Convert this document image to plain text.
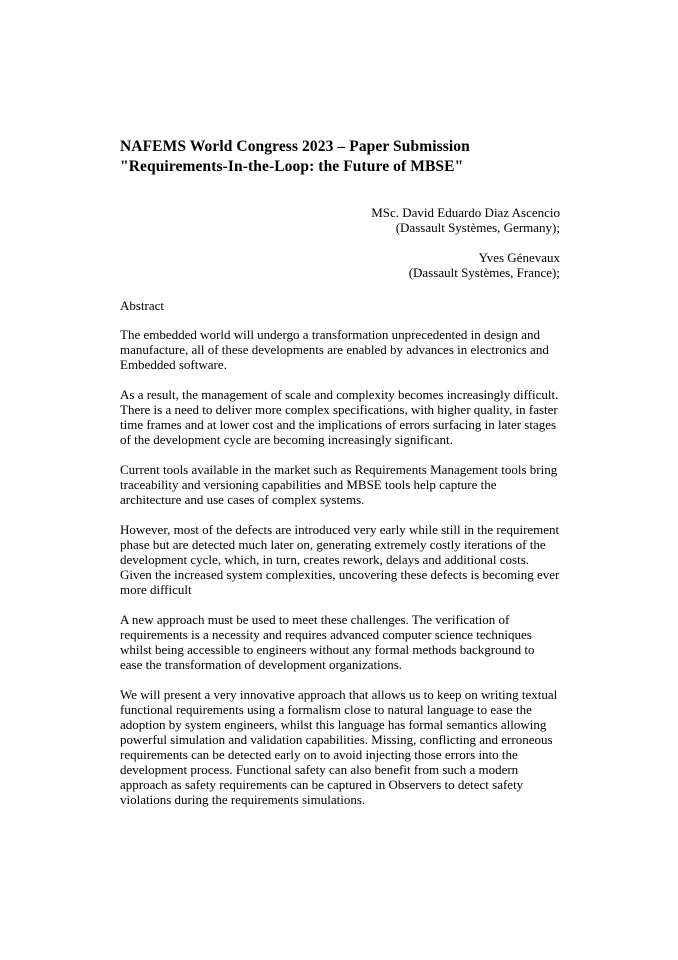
NAFEMS World Congress 2023 – Paper Submission
"Requirements-In-the-Loop: the Future of MBSE"
MSc. David Eduardo Diaz Ascencio
(Dassault Systèmes, Germany);
Yves Génevaux
(Dassault Systèmes, France);
Abstract

The embedded world will undergo a transformation unprecedented in design and manufacture, all of these developments are enabled by advances in electronics and Embedded software.

As a result, the management of scale and complexity becomes increasingly difficult. There is a need to deliver more complex specifications, with higher quality, in faster time frames and at lower cost and the implications of errors surfacing in later stages of the development cycle are becoming increasingly significant.

Current tools available in the market such as Requirements Management tools bring traceability and versioning capabilities and MBSE tools help capture the architecture and use cases of complex systems.

However, most of the defects are introduced very early while still in the requirement phase but are detected much later on, generating extremely costly iterations of the development cycle, which, in turn, creates rework, delays and additional costs. Given the increased system complexities, uncovering these defects is becoming ever more difficult

A new approach must be used to meet these challenges. The verification of requirements is a necessity and requires advanced computer science techniques whilst being accessible to engineers without any formal methods background to ease the transformation of development organizations.

We will present a very innovative approach that allows us to keep on writing textual functional requirements using a formalism close to natural language to ease the adoption by system engineers, whilst this language has formal semantics allowing powerful simulation and validation capabilities. Missing, conflicting and erroneous requirements can be detected early on to avoid injecting those errors into the development process. Functional safety can also benefit from such a modern approach as safety requirements can be captured in Observers to detect safety violations during the requirements simulations.
